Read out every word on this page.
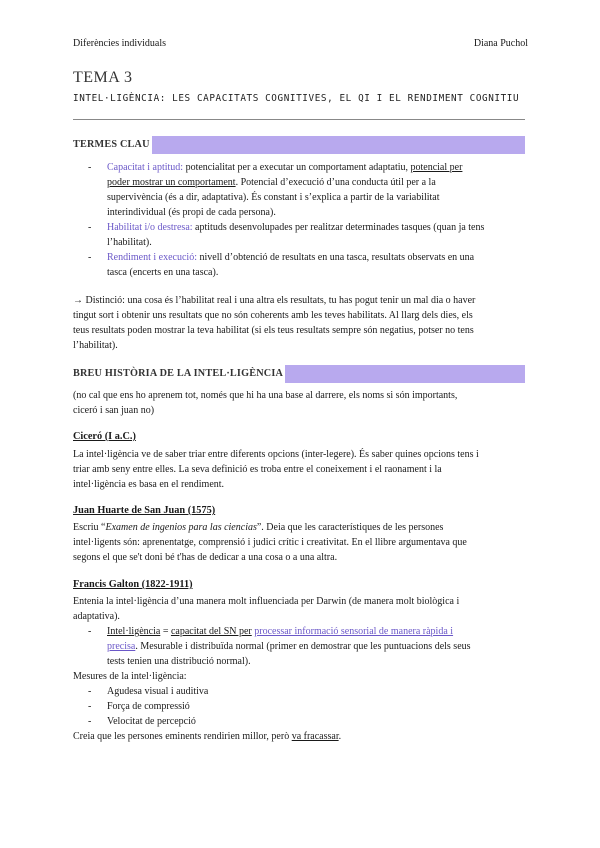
Diferències individuals	Diana Puchol
TEMA 3
INTEL·LIGÈNCIA: LES CAPACITATS COGNITIVES, EL QI I EL RENDIMENT COGNITIU
TERMES CLAU
- Capacitat i aptitud: potencialitat per a executar un comportament adaptatiu, potencial per
poder mostrar un comportament. Potencial d’execució d’una conducta útil per a la
supervivència (és a dir, adaptativa). És constant i s’explica a partir de la variabilitat
interindividual (és propi de cada persona).
- Habilitat i/o destresa: aptituds desenvolupades per realitzar determinades tasques (quan ja tens
l’habilitat).
- Rendiment i execució: nivell d’obtenció de resultats en una tasca, resultats observats en una
tasca (encerts en una tasca).
→ Distinció: una cosa és l’habilitat real i una altra els resultats, tu has pogut tenir un mal dia o haver
tingut sort i obtenir uns resultats que no són coherents amb les teves habilitats. Al llarg dels dies, els
teus resultats poden mostrar la teva habilitat (si els teus resultats sempre són negatius, potser no tens
l’habilitat).
BREU HISTÒRIA DE LA INTEL·LIGÈNCIA
(no cal que ens ho aprenem tot, només que hi ha una base al darrere, els noms si són importants,
ciceró i san juan no)
Ciceró (I a.C.)
La intel·ligència ve de saber triar entre diferents opcions (inter-legere). És saber quines opcions tens i
triar amb seny entre elles. La seva definició es troba entre el coneixement i el raonament i la
intel·ligència es basa en el rendiment.
Juan Huarte de San Juan (1575)
Escriu “Examen de ingenios para las ciencias”. Deia que les característiques de les persones
intel·ligents són: aprenentatge, comprensió i judici crític i creativitat. En el llibre argumentava que
segons el que se't doni bé t'has de dedicar a una cosa o a una altra.
Francis Galton (1822-1911)
Entenia la intel·ligència d’una manera molt influenciada per Darwin (de manera molt biològica i
adaptativa).
- Intel·ligència = capacitat del SN per processar informació sensorial de manera ràpida i
precisa. Mesurable i distribuïda normal (primer en demostrar que les puntuacions dels seus
tests tenien una distribució normal).
Mesures de la intel·ligència:
- Agudesa visual i auditiva
- Força de compressió
- Velocitat de percepció
Creia que les persones eminents rendirien millor, però va fracassar.
